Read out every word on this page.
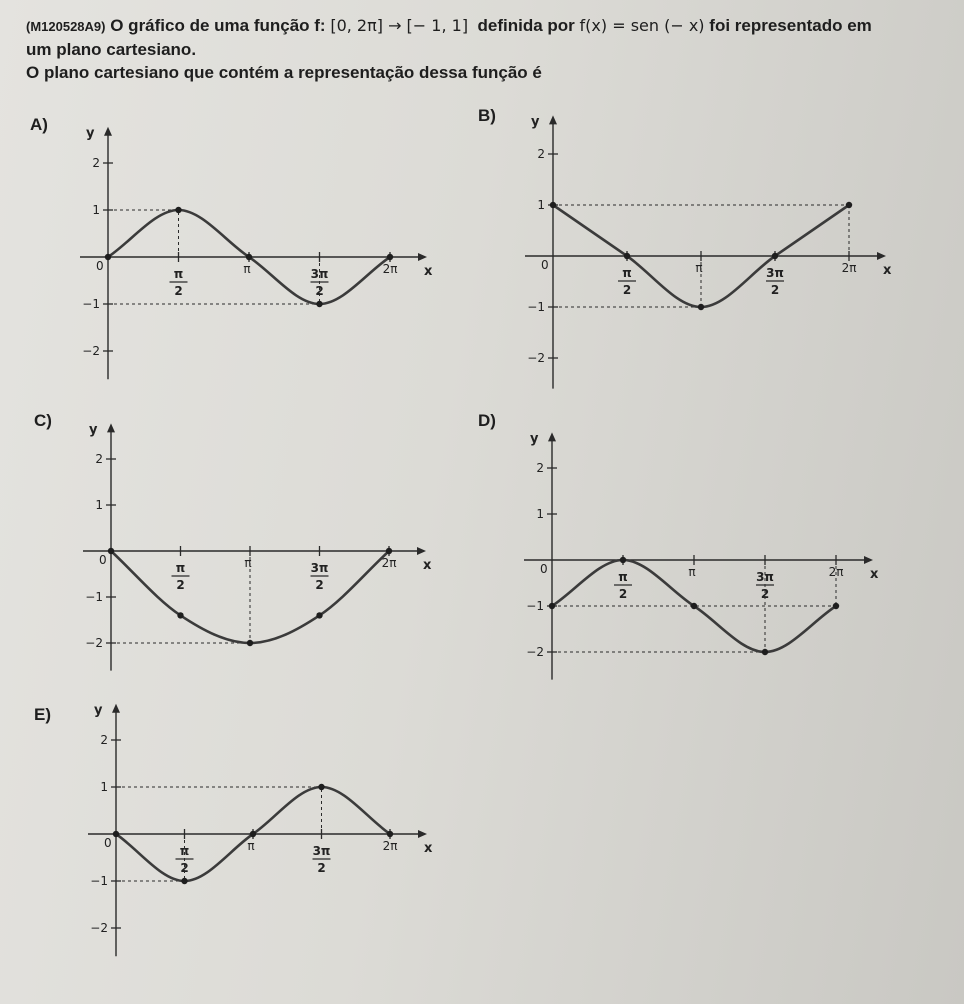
(M120528A9) O gráfico de uma função f: [0, 2π] → [− 1, 1] definida por f(x) = sen (− x) foi representado em

um plano cartesiano.

O plano cartesiano que contém a representação dessa função é

A)	B)
C)	D)
E)
x
y
0
2
1
−1
−2
π
2
π	3π
2
2π	x
y
0
2
1
−1
−2
π
2
π	3π
2
2π
x
y
0
2
1
−1
−2
π
2
π	3π
2
2π
x
y
0
2
1
−1
−2
π
2
π	3π
2
2π
x
y
0
2
1
−1
−2
π
2
π	3π
2
2π
